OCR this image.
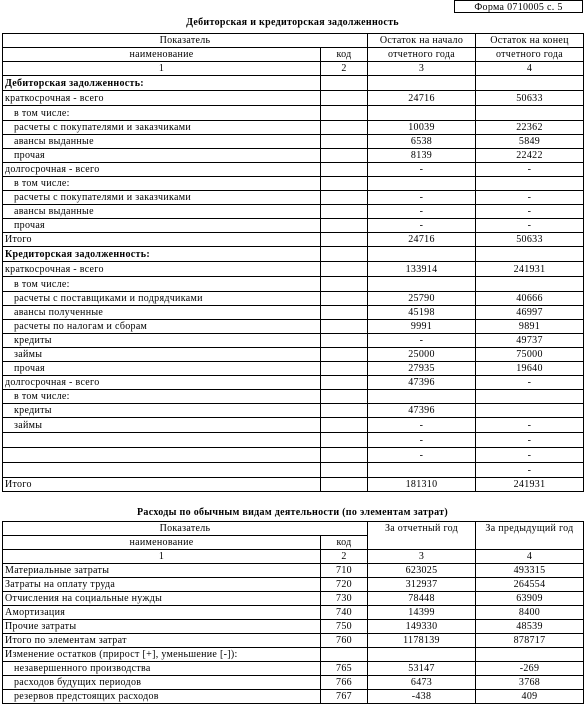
Форма 0710005 с. 5
Дебиторская и кредиторская задолженность
Показатель		Остаток на начало	Остаток на конец
наименование	код	отчетного года	отчетного года
1	2	3	4
Дебиторская задолженность:			
краткосрочная - всего		24716	50633
в том числе:			
расчеты с покупателями и заказчиками		10039	22362
авансы выданные		6538	5849
прочая		8139	22422
долгосрочная - всего		-	-
в том числе:			
расчеты с покупателями и заказчиками		-	-
авансы выданные		-	-
прочая		-	-
Итого		24716	50633
Кредиторская задолженность:			
краткосрочная - всего		133914	241931
в том числе:			
расчеты с поставщиками и подрядчиками		25790	40666
авансы полученные		45198	46997
расчеты по налогам и сборам		9991	9891
кредиты		-	49737
займы		25000	75000
прочая		27935	19640
долгосрочная - всего		47396	-
в том числе:			
кредиты		47396	
займы		-	-
		-	-
		-	-
			-
Итого		181310	241931
Расходы по обычным видам деятельности (по элементам затрат)
Показатель		За отчетный год	За предыдущий год
наименование	код		
1	2	3	4
Материальные затраты	710	623025	493315
Затраты на оплату труда	720	312937	264554
Отчисления на социальные нужды	730	78448	63909
Амортизация	740	14399	8400
Прочие затраты	750	149330	48539
Итого по элементам затрат	760	1178139	878717
Изменение остатков (прирост [+], уменьшение [-]):			
незавершенного производства	765	53147	-269
расходов будущих периодов	766	6473	3768
резервов предстоящих расходов	767	-438	409
